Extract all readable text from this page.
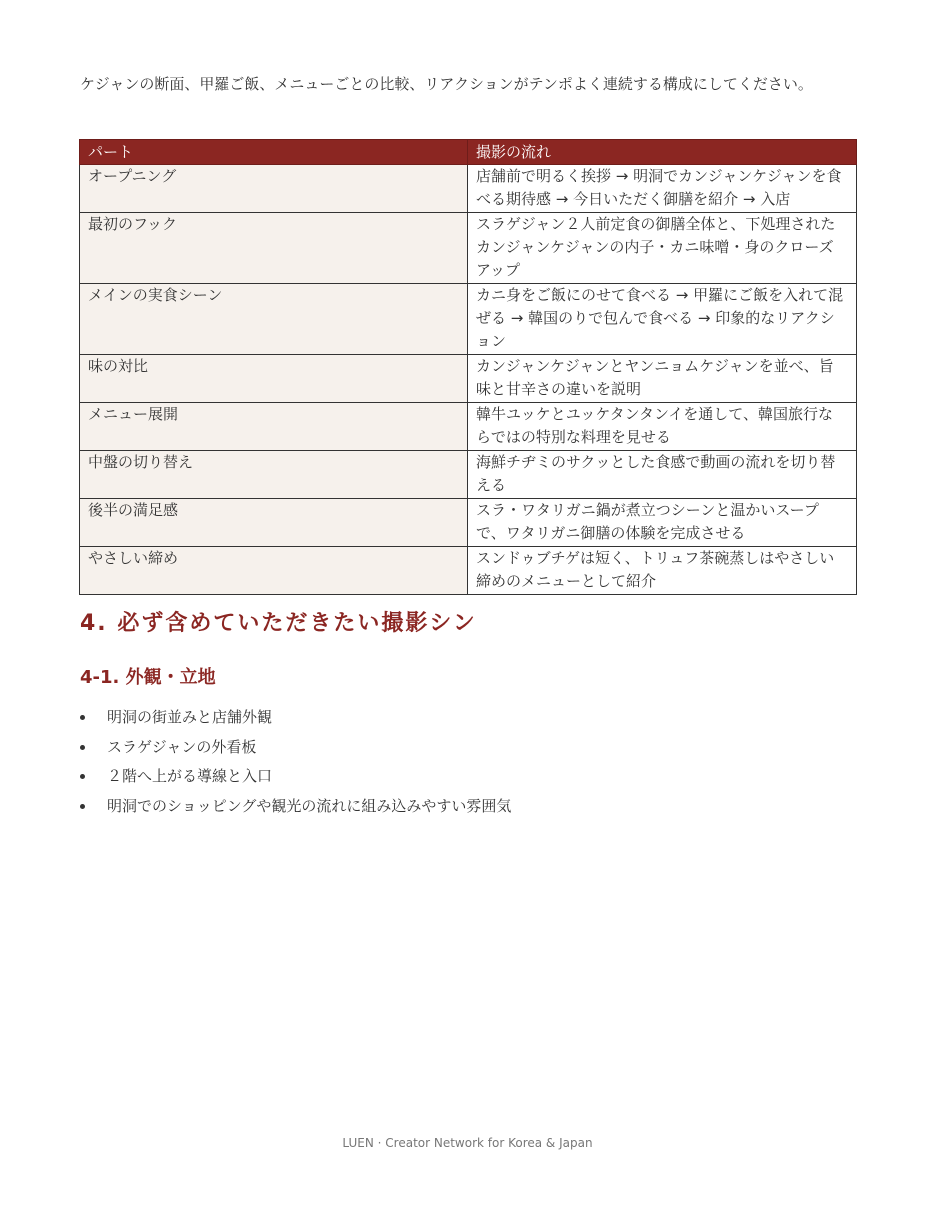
ケジャンの断面、甲羅ご飯、メニューごとの比較、リアクションがテンポよく連続する構成にしてください。

パート	撮影の流れ
オープニング	店舗前で明るく挨拶 → 明洞でカンジャンケジャンを食べる期待感 → 今日いただく御膳を紹介 → 入店
最初のフック	スラゲジャン２人前定食の御膳全体と、下処理されたカンジャンケジャンの内子・カニ味噌・身のクローズアップ
メインの実食シーン	カニ身をご飯にのせて食べる → 甲羅にご飯を入れて混ぜる → 韓国のりで包んで食べる → 印象的なリアクション
味の対比	カンジャンケジャンとヤンニョムケジャンを並べ、旨味と甘辛さの違いを説明
メニュー展開	韓牛ユッケとユッケタンタンイを通して、韓国旅行ならではの特別な料理を見せる
中盤の切り替え	海鮮チヂミのサクッとした食感で動画の流れを切り替える
後半の満足感	スラ・ワタリガニ鍋が煮立つシーンと温かいスープで、ワタリガニ御膳の体験を完成させる
やさしい締め	スンドゥブチゲは短く、トリュフ茶碗蒸しはやさしい締めのメニューとして紹介
4. 必ず含めていただきたい撮影シン
4-1. 外観・立地
明洞の街並みと店舗外観
スラゲジャンの外看板
２階へ上がる導線と入口
明洞でのショッピングや観光の流れに組み込みやすい雰囲気
LUEN · Creator Network for Korea & Japan
